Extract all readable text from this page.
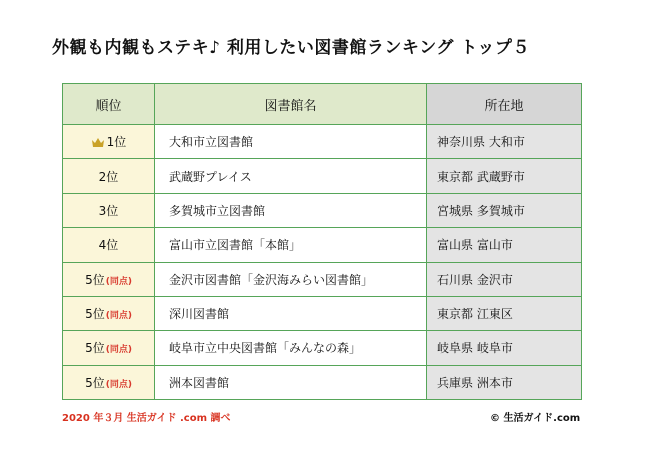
外観も内観もステキ♪ 利用したい図書館ランキング トップ５
順位	図書館名	所在地
1位	大和市立図書館	神奈川県 大和市
2位	武蔵野プレイス	東京都 武蔵野市
3位	多賀城市立図書館	宮城県 多賀城市
4位	富山市立図書館「本館」	富山県 富山市
5位(同点)	金沢市図書館「金沢海みらい図書館」	石川県 金沢市
5位(同点)	深川図書館	東京都 江東区
5位(同点)	岐阜市立中央図書館「みんなの森」	岐阜県 岐阜市
5位(同点)	洲本図書館	兵庫県 洲本市
2020 年３月 生活ガイド .com 調べ	© 生活ガイド.com
